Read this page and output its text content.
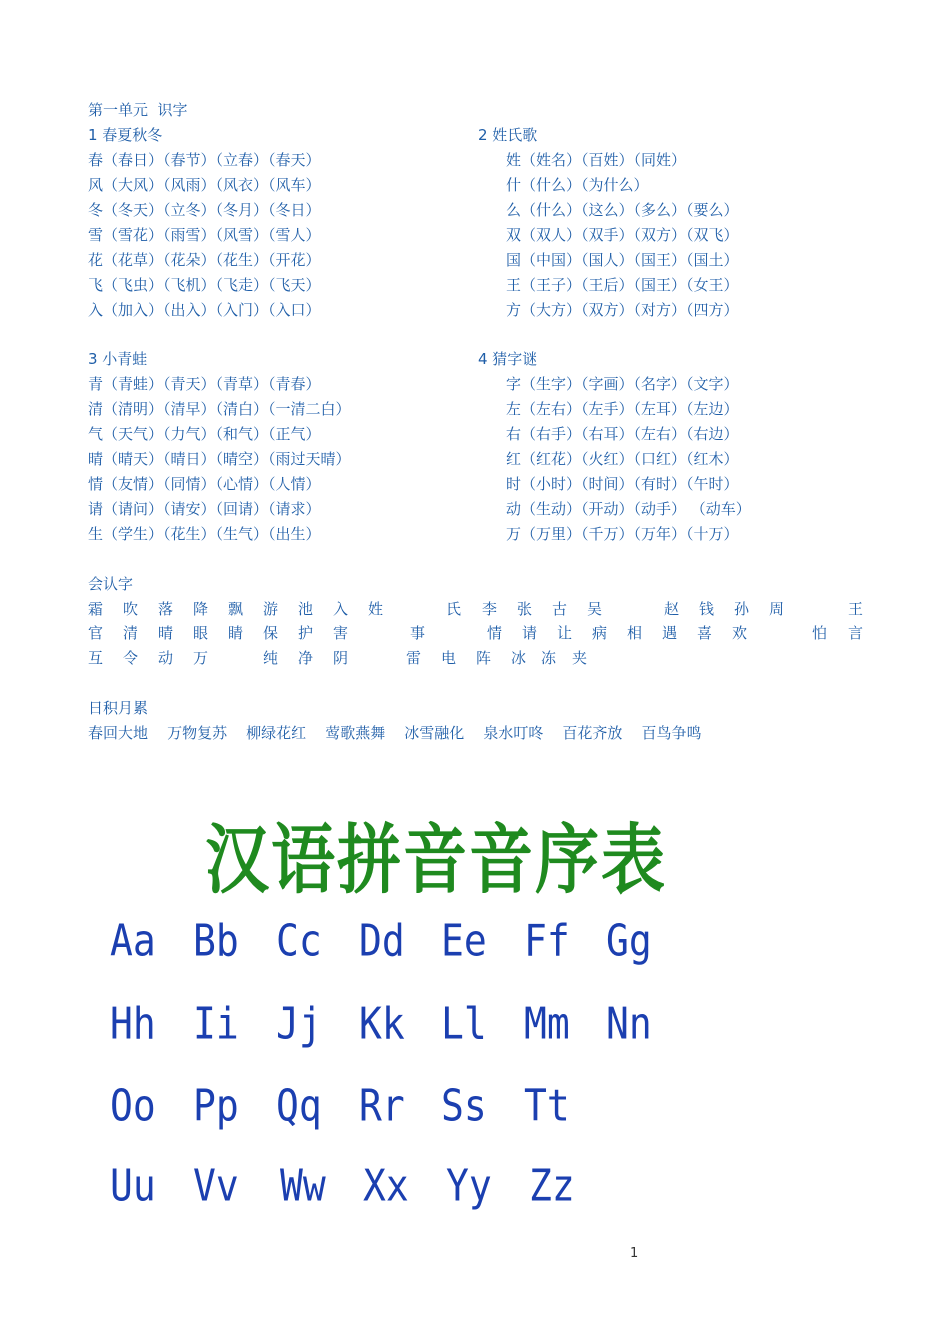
第一单元  识字
1 春夏秋冬	2 姓氏歌
春（春日）（春节）（立春）（春天）
风（大风）（风雨）（风衣）（风车）
冬（冬天）（立冬）（冬月）（冬日）
雪（雪花）（雨雪）（风雪）（雪人）
花（花草）（花朵）（花生）（开花）
飞（飞虫）（飞机）（飞走）（飞天）
入（加入）（出入）（入门）（入口）
姓（姓名）（百姓）（同姓）
什（什么）（为什么）
么（什么）（这么）（多么）（要么）
双（双人）（双手）（双方）（双飞）
国（中国）（国人）（国王）（国土）
王（王子）（王后）（国王）（女王）
方（大方）（双方）（对方）（四方）
3 小青蛙	4 猜字谜
青（青蛙）（青天）（青草）（青春）
清（清明）（清早）（清白）（一清二白）
气（天气）（力气）（和气）（正气）
晴（晴天）（晴日）（晴空）（雨过天晴）
情（友情）（同情）（心情）（人情）
请（请问）（请安）（回请）（请求）
生（学生）（花生）（生气）（出生）
字（生字）（字画）（名字）（文字）
左（左右）（左手）（左耳）（左边）
右（右手）（右耳）（左右）（右边）
红（红花）（火红）（口红）（红木）
时（小时）（时间）（有时）（午时）
动（生动）（开动）（动手） （动车）
万（万里）（千万）（万年）（十万）
会认字
霜 吹 落 降 飘 游 池 入 姓	氏 李 张 古 吴	赵 钱 孙 周	王
官 清 晴 眼 睛 保 护 害	事	情 请 让 病 相 遇 喜 欢	怕 言
互 令 动 万	纯 净 阴	雷 电 阵 冰 冻 夹
日积月累
春回大地    万物复苏    柳绿花红    莺歌燕舞    冰雪融化    泉水叮咚    百花齐放    百鸟争鸣
汉语拼音音序表
Aa Bb Cc Dd Ee Ff Gg
Hh Ii Jj Kk Ll Mm Nn
Oo Pp Qq Rr Ss Tt
Uu Vv Ww Xx Yy Zz
1
